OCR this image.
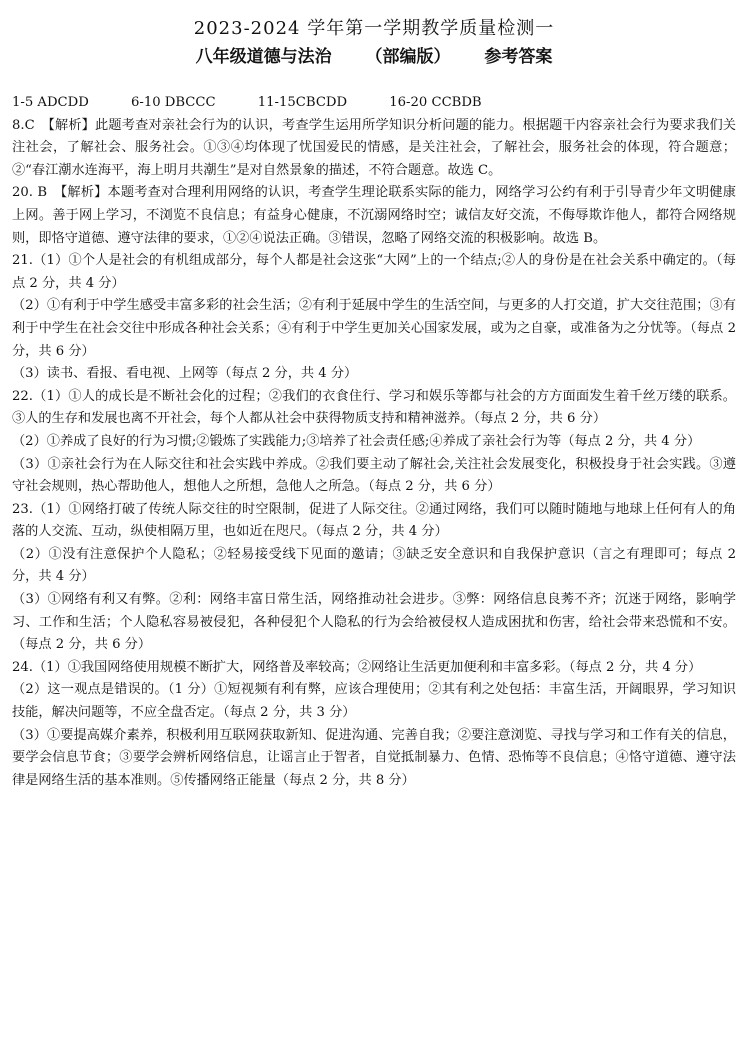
2023-2024 学年第一学期教学质量检测一
八年级道德与法治 （部编版） 参考答案

1-5 ADCDD	6-10 DBCCC	11-15CBCDD	16-20 CCBDB

8.C　【解析】此题考查对亲社会行为的认识，考查学生运用所学知识分析问题的能力。根据题干内容亲社会行为要求我们关注社会，了解社会、服务社会。①③④均体现了忧国爱民的情感，是关注社会，了解社会，服务社会的体现，符合题意；②“春江潮水连海平，海上明月共潮生”是对自然景象的描述，不符合题意。故选 C。

20. B　【解析】本题考查对合理利用网络的认识，考查学生理论联系实际的能力，网络学习公约有利于引导青少年文明健康上网。善于网上学习，不浏览不良信息；有益身心健康，不沉溺网络时空；诚信友好交流，不侮辱欺诈他人，都符合网络规则，即恪守道德、遵守法律的要求，①②④说法正确。③错误，忽略了网络交流的积极影响。故选 B。

21.（1）①个人是社会的有机组成部分，每个人都是社会这张“大网”上的一个结点;②人的身份是在社会关系中确定的。（每点 2 分，共 4 分）

（2）①有利于中学生感受丰富多彩的社会生活；②有利于延展中学生的生活空间，与更多的人打交道，扩大交往范围；③有利于中学生在社会交往中形成各种社会关系；④有利于中学生更加关心国家发展，或为之自豪，或准备为之分忧等。（每点 2 分，共 6 分）

（3）读书、看报、看电视、上网等（每点 2 分，共 4 分）

22.（1）①人的成长是不断社会化的过程；②我们的衣食住行、学习和娱乐等都与社会的方方面面发生着千丝万缕的联系。③人的生存和发展也离不开社会，每个人都从社会中获得物质支持和精神滋养。（每点 2 分，共 6 分）

（2）①养成了良好的行为习惯;②锻炼了实践能力;③培养了社会责任感;④养成了亲社会行为等（每点 2 分，共 4 分）

（3）①亲社会行为在人际交往和社会实践中养成。②我们要主动了解社会,关注社会发展变化，积极投身于社会实践。③遵守社会规则，热心帮助他人，想他人之所想，急他人之所急。（每点 2 分，共 6 分）

23.（1）①网络打破了传统人际交往的时空限制，促进了人际交往。②通过网络，我们可以随时随地与地球上任何有人的角落的人交流、互动，纵使相隔万里，也如近在咫尺。（每点 2 分，共 4 分）

（2）①没有注意保护个人隐私；②轻易接受线下见面的邀请；③缺乏安全意识和自我保护意识（言之有理即可；每点 2 分，共 4 分）

（3）①网络有利又有弊。②利：网络丰富日常生活，网络推动社会进步。③弊：网络信息良莠不齐；沉迷于网络，影响学习、工作和生活；个人隐私容易被侵犯，各种侵犯个人隐私的行为会给被侵权人造成困扰和伤害，给社会带来恐慌和不安。（每点 2 分，共 6 分）

24.（1）①我国网络使用规模不断扩大，网络普及率较高；②网络让生活更加便利和丰富多彩。（每点 2 分，共 4 分）

（2）这一观点是错误的。（1 分）①短视频有利有弊，应该合理使用；②其有利之处包括：丰富生活，开阔眼界，学习知识技能，解决问题等，不应全盘否定。（每点 2 分，共 3 分）

（3）①要提高媒介素养，积极利用互联网获取新知、促进沟通、完善自我；②要注意浏览、寻找与学习和工作有关的信息，要学会信息节食；③要学会辨析网络信息，让谣言止于智者，自觉抵制暴力、色情、恐怖等不良信息；④恪守道德、遵守法律是网络生活的基本准则。⑤传播网络正能量（每点 2 分，共 8 分）
